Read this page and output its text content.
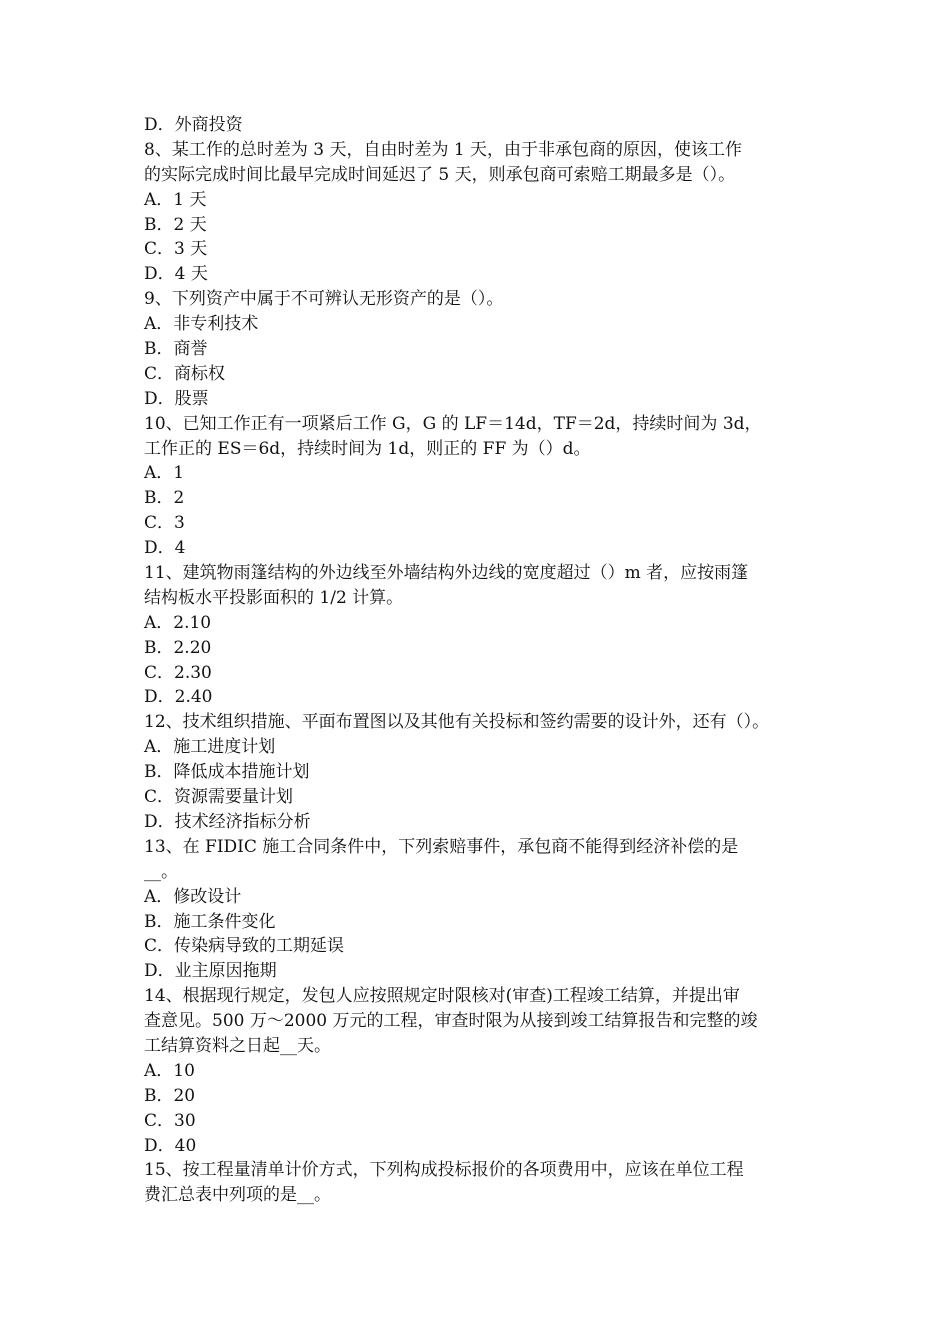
D．外商投资
8、某工作的总时差为 3 天，自由时差为 1 天，由于非承包商的原因，使该工作
的实际完成时间比最早完成时间延迟了 5 天，则承包商可索赔工期最多是（）。
A．1 天
B．2 天
C．3 天
D．4 天
9、下列资产中属于不可辨认无形资产的是（）。
A．非专利技术
B．商誉
C．商标权
D．股票
10、已知工作正有一项紧后工作 G，G 的 LF＝14d，TF＝2d，持续时间为 3d，
工作正的 ES＝6d，持续时间为 1d，则正的 FF 为（）d。
A．1
B．2
C．3
D．4
11、建筑物雨篷结构的外边线至外墙结构外边线的宽度超过（）m 者，应按雨篷
结构板水平投影面积的 1/2 计算。
A．2.10
B．2.20
C．2.30
D．2.40
12、技术组织措施、平面布置图以及其他有关投标和签约需要的设计外，还有（）。
A．施工进度计划
B．降低成本措施计划
C．资源需要量计划
D．技术经济指标分析
13、在 FIDIC 施工合同条件中，下列索赔事件，承包商不能得到经济补偿的是
__。
A．修改设计
B．施工条件变化
C．传染病导致的工期延误
D．业主原因拖期
14、根据现行规定，发包人应按照规定时限核对(审查)工程竣工结算，并提出审
查意见。500 万～2000 万元的工程，审查时限为从接到竣工结算报告和完整的竣
工结算资料之日起__天。
A．10
B．20
C．30
D．40
15、按工程量清单计价方式，下列构成投标报价的各项费用中，应该在单位工程
费汇总表中列项的是__。
